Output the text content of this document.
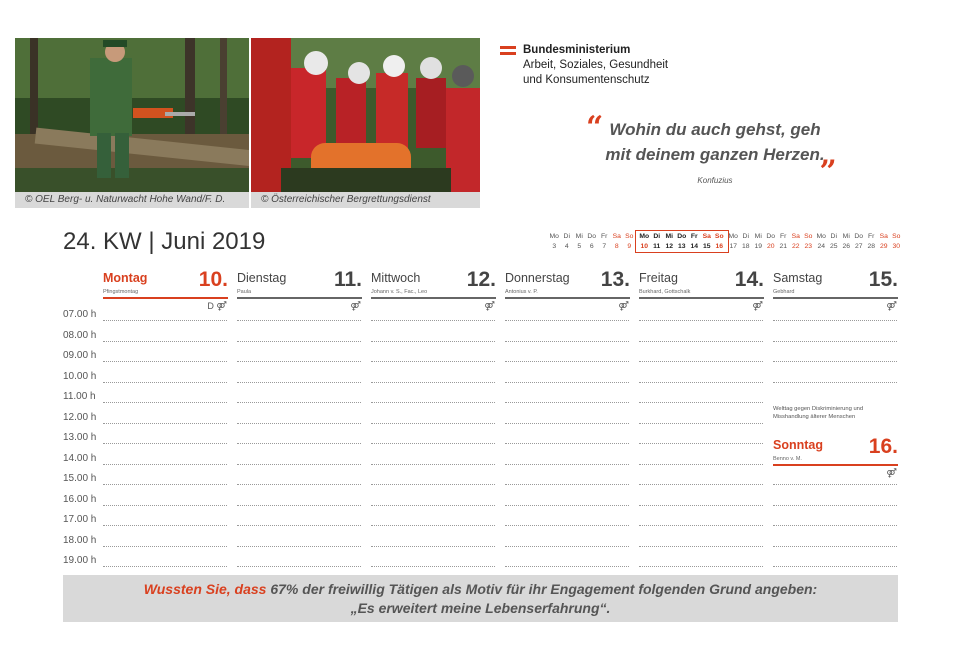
© OEL Berg- u. Naturwacht Hohe Wand/F. D.	© Österreichischer Bergrettungsdienst
Bundesministerium
Arbeit, Soziales, Gesundheit
und Konsumentenschutz
“ Wohin du auch gehst, geh
mit deinem ganzen Herzen.
Konfuzius
„
24. KW | Juni 2019	Mo Di Mi Do Fr Sa So
3	4	5	6	7	8	9
Mo Di Mi Do Fr Sa So
10 11 12 13 14 15 16
Mo Di Mi Do Fr Sa So
17 18 19 20 21 22 23
Mo Di Mi Do Fr Sa So
24 25 26 27 28 29 30
07.00 h
08.00 h
09.00 h
10.00 h
11.00 h
12.00 h
13.00 h
14.00 h
15.00 h
16.00 h
17.00 h
18.00 h
19.00 h
Montag 10.
Pfingstmontag
D ⚤
Dienstag 11.
Paula
⚤
Mittwoch 12.
Johann v. S., Fac., Leo
⚤
Donnerstag 13.
Antonius v. P.
⚤
Freitag	14.
Burkhard, Gottschalk
⚤
Samstag 15.
Gebhard
⚤
Sonntag 16.
Benno v. M.
⚤
Welttag gegen Diskriminierung und Misshandlung älterer Menschen
Wussten Sie, dass 67% der freiwillig Tätigen als Motiv für ihr Engagement folgenden Grund angeben:
„Es erweitert meine Lebenserfahrung“.
